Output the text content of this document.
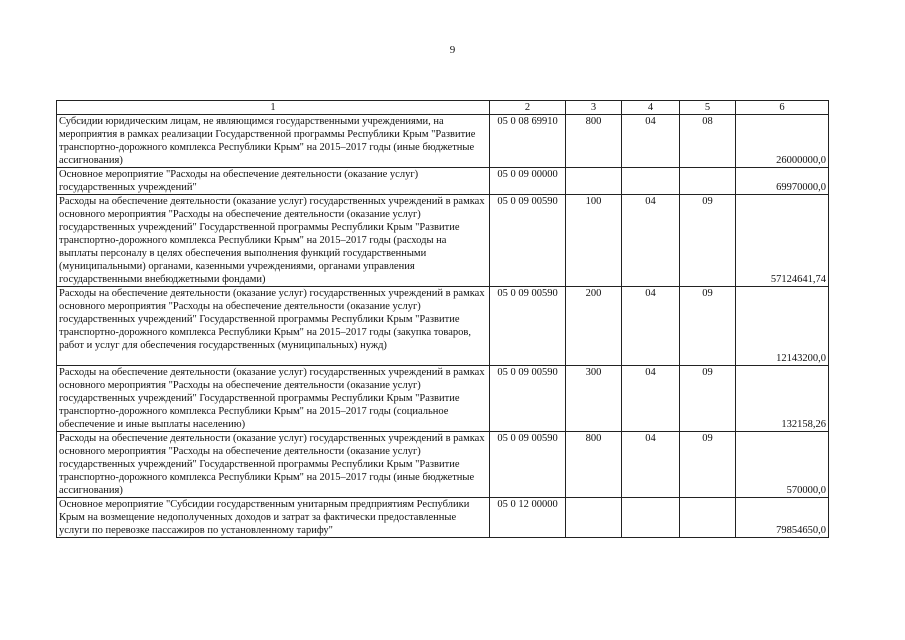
9
1	2	3	4	5	6
Субсидии юридическим лицам, не являющимся государственными учреждениями, на мероприятия в рамках реализации Государственной программы Республики Крым "Развитие транспортно-дорожного комплекса Республики Крым" на 2015–2017 годы (иные бюджетные ассигнования)	05 0 08 69910	800	04	08	26000000,0
Основное мероприятие "Расходы на обеспечение деятельности (оказание услуг) государственных учреждений"	05 0 09 00000				69970000,0
Расходы на обеспечение деятельности (оказание услуг) государственных учреждений в рамках основного мероприятия "Расходы на обеспечение деятельности (оказание услуг) государственных учреждений" Государственной программы Республики Крым "Развитие транспортно-дорожного комплекса Республики Крым" на 2015–2017 годы (расходы на выплаты персоналу в целях обеспечения выполнения функций государственными (муниципальными) органами, казенными учреждениями, органами управления государственными внебюджетными фондами)	05 0 09 00590	100	04	09	57124641,74
Расходы на обеспечение деятельности (оказание услуг) государственных учреждений в рамках основного мероприятия "Расходы на обеспечение деятельности (оказание услуг) государственных учреждений" Государственной программы Республики Крым "Развитие транспортно-дорожного комплекса Республики Крым" на 2015–2017 годы (закупка товаров, работ и услуг для обеспечения государственных (муниципальных) нужд)	05 0 09 00590	200	04	09	12143200,0
Расходы на обеспечение деятельности (оказание услуг) государственных учреждений в рамках основного мероприятия "Расходы на обеспечение деятельности (оказание услуг) государственных учреждений" Государственной программы Республики Крым "Развитие транспортно-дорожного комплекса Республики Крым" на 2015–2017 годы (социальное обеспечение и иные выплаты населению)	05 0 09 00590	300	04	09	132158,26
Расходы на обеспечение деятельности (оказание услуг) государственных учреждений в рамках основного мероприятия "Расходы на обеспечение деятельности (оказание услуг) государственных учреждений" Государственной программы Республики Крым "Развитие транспортно-дорожного комплекса Республики Крым" на 2015–2017 годы (иные бюджетные ассигнования)	05 0 09 00590	800	04	09	570000,0
Основное мероприятие "Субсидии государственным унитарным предприятиям Республики Крым на возмещение недополученных доходов и затрат за фактически предоставленные услуги по перевозке пассажиров по установленному тарифу"	05 0 12 00000				79854650,0
